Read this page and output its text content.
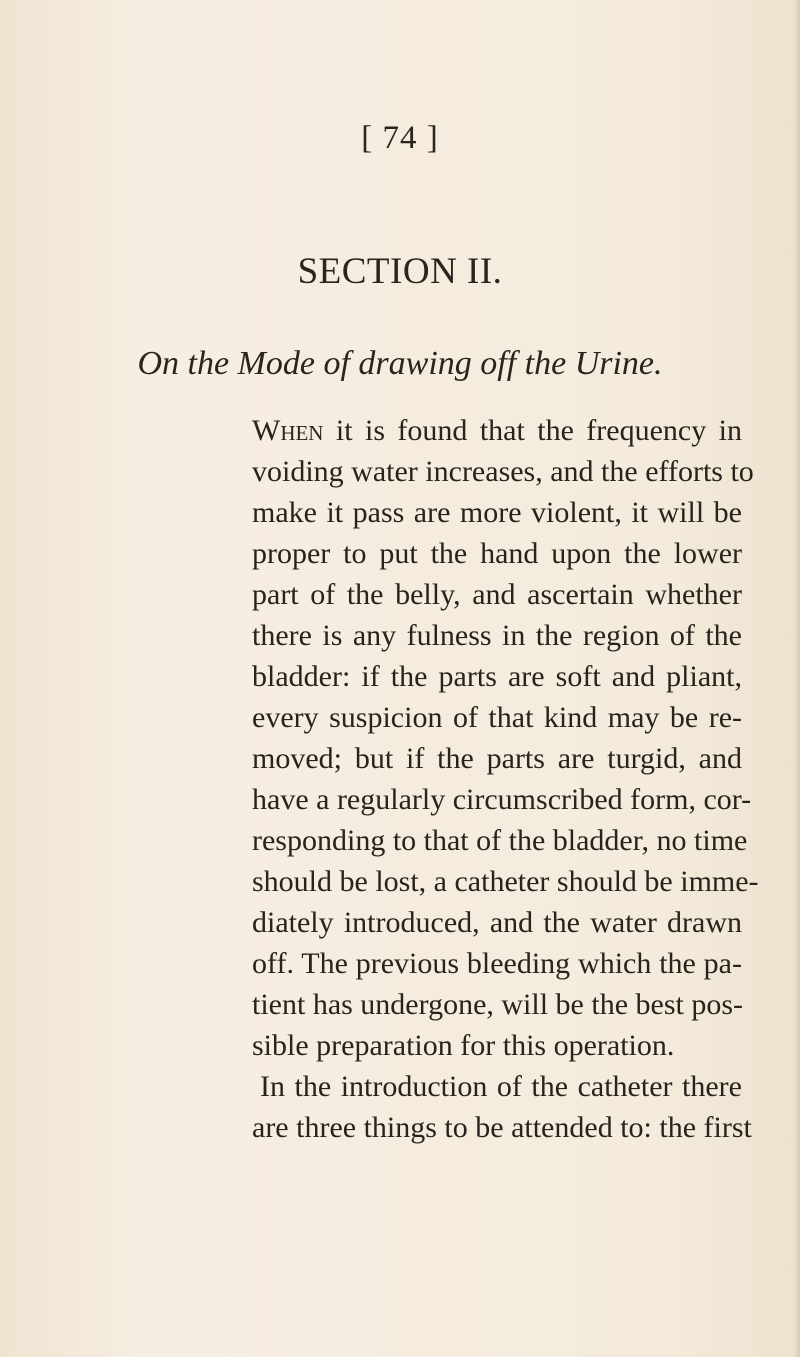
[ 74 ]
SECTION II.
On the Mode of drawing off the Urine.
When it is found that the frequency in
voiding water increases, and the efforts to
make it pass are more violent, it will be
proper to put the hand upon the lower
part of the belly, and ascertain whether
there is any fulness in the region of the
bladder: if the parts are soft and pliant,
every suspicion of that kind may be re-
moved; but if the parts are turgid, and
have a regularly circumscribed form, cor-
responding to that of the bladder, no time
should be lost, a catheter should be imme-
diately introduced, and the water drawn
off. The previous bleeding which the pa-
tient has undergone, will be the best pos-
sible preparation for this operation.
In the introduction of the catheter there
are three things to be attended to: the first
